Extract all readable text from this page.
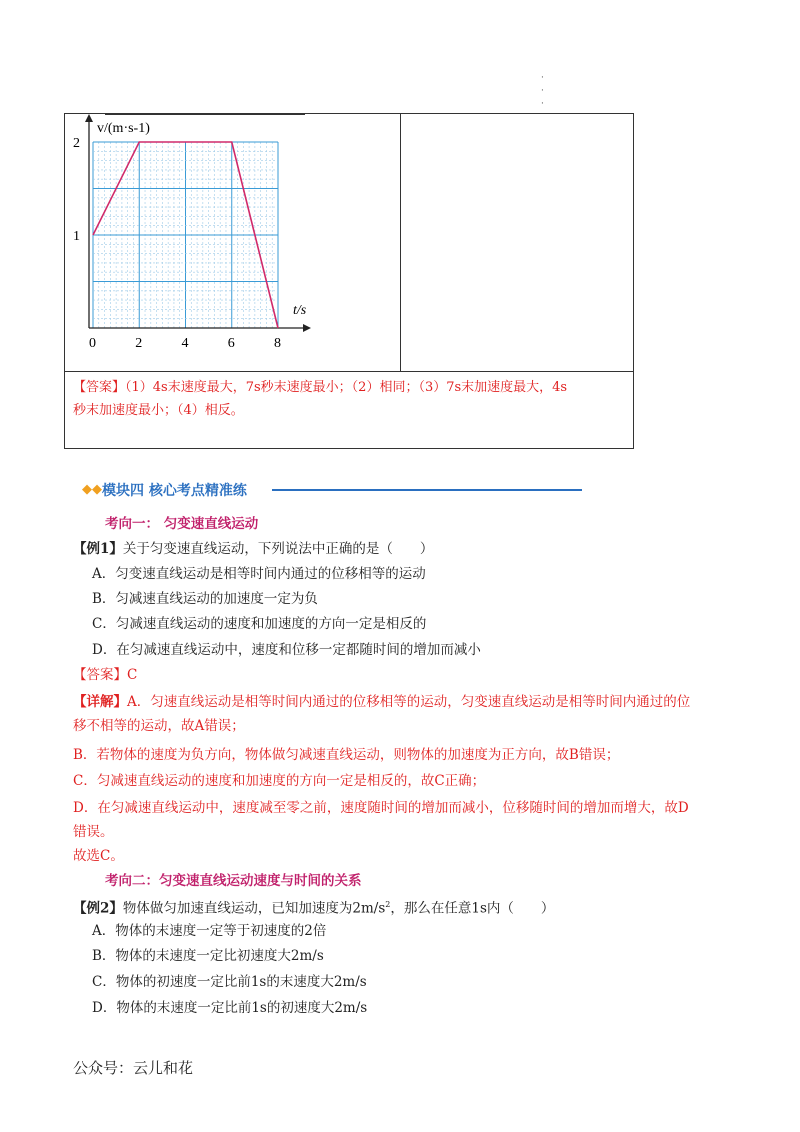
·
·
·
0	2	4	6	8
1
2
v/(m·s-1)
t/s
【答案】（1）4s末速度最大，7s秒末速度最小；（2）相同；（3）7s末加速度最大，4s
秒末加速度最小；（4）相反。
◆◆ 模块四 核心考点精准练
考向一： 匀变速直线运动
【例1】关于匀变速直线运动，下列说法中正确的是（　　）
A．匀变速直线运动是相等时间内通过的位移相等的运动
B．匀减速直线运动的加速度一定为负
C．匀减速直线运动的速度和加速度的方向一定是相反的
D．在匀减速直线运动中，速度和位移一定都随时间的增加而减小
【答案】C
【详解】A．匀速直线运动是相等时间内通过的位移相等的运动，匀变速直线运动是相等时间内通过的位
移不相等的运动，故A错误；
B．若物体的速度为负方向，物体做匀减速直线运动，则物体的加速度为正方向，故B错误；
C．匀减速直线运动的速度和加速度的方向一定是相反的，故C正确；
D．在匀减速直线运动中，速度减至零之前，速度随时间的增加而减小，位移随时间的增加而增大，故D
错误。
故选C。
考向二：匀变速直线运动速度与时间的关系
【例2】物体做匀加速直线运动，已知加速度为$2m/s^2$，那么在任意1s内（　　）
A．物体的末速度一定等于初速度的2倍
B．物体的末速度一定比初速度大2m/s
C．物体的初速度一定比前1s的末速度大2m/s
D．物体的末速度一定比前1s的初速度大2m/s
公众号：云儿和花
